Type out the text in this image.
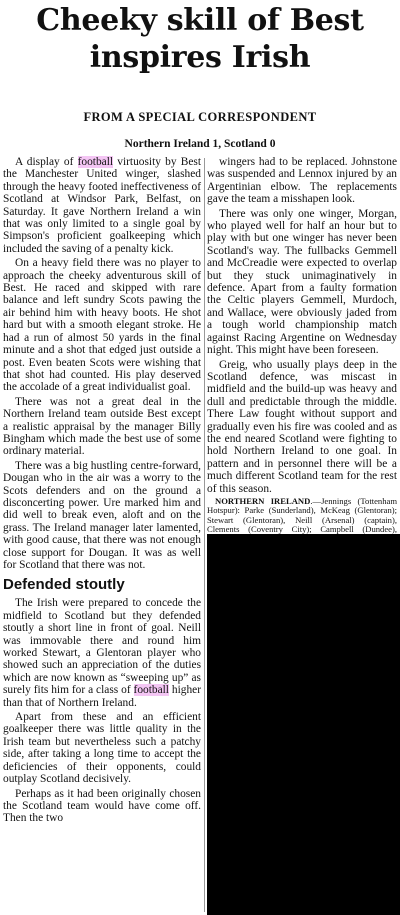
Cheeky skill of Best
inspires Irish
FROM A SPECIAL CORRESPONDENT
Northern Ireland 1, Scotland 0

A display of football virtuosity by Best the Manchester United winger, slashed through the heavy footed ineffectiveness of Scotland at Windsor Park, Belfast, on Saturday. It gave Northern Ireland a win that was only limited to a single goal by Simpson's proficient goalkeeping which included the saving of a penalty kick.

On a heavy field there was no player to approach the cheeky adventurous skill of Best. He raced and skipped with rare balance and left sundry Scots pawing the air behind him with heavy boots. He shot hard but with a smooth elegant stroke. He had a run of almost 50 yards in the final minute and a shot that edged just outside a post. Even beaten Scots were wishing that that shot had counted. His play deserved the accolade of a great individualist goal.

There was not a great deal in the Northern Ireland team outside Best except a realistic appraisal by the manager Billy Bingham which made the best use of some ordinary material.

There was a big hustling centre-forward, Dougan who in the air was a worry to the Scots defenders and on the ground a disconcerting power. Ure marked him and did well to break even, aloft and on the grass. The Ireland manager later lamented, with good cause, that there was not enough close support for Dougan. It was as well for Scotland that there was not.

Defended stoutly

The Irish were prepared to concede the midfield to Scotland but they defended stoutly a short line in front of goal. Neill was immovable there and round him worked Stewart, a Glentoran player who showed such an appreciation of the duties which are now known as “sweeping up” as surely fits him for a class of football higher than that of Northern Ireland.

Apart from these and an efficient goalkeeper there was little quality in the Irish team but nevertheless such a patchy side, after taking a long time to accept the deficiencies of their opponents, could outplay Scotland decisively.

Perhaps as it had been originally chosen the Scotland team would have come off. Then the two

wingers had to be replaced. Johnstone was suspended and Lennox injured by an Argentinian elbow. The replacements gave the team a misshapen look.

There was only one winger, Morgan, who played well for half an hour but to play with but one winger has never been Scotland's way. The fullbacks Gemmell and McCreadie were expected to overlap but they stuck unimaginatively in defence. Apart from a faulty formation the Celtic players Gemmell, Murdoch, and Wallace, were obviously jaded from a tough world championship match against Racing Argentine on Wednesday night. This might have been foreseen.

Greig, who usually plays deep in the Scotland defence, was miscast in midfield and the build-up was heavy and dull and predictable through the middle. There Law fought without support and gradually even his fire was cooled and as the end neared Scotland were fighting to hold Northern Ireland to one goal. In pattern and in personnel there will be a much different Scotland team for the rest of this season.

NORTHERN IRELAND.—Jennings (Tottenham Hotspur): Parke (Sunderland), McKeag (Glentoran); Stewart (Glentoran), Neill (Arsenal) (captain), Clements (Coventry City); Campbell (Dundee),
